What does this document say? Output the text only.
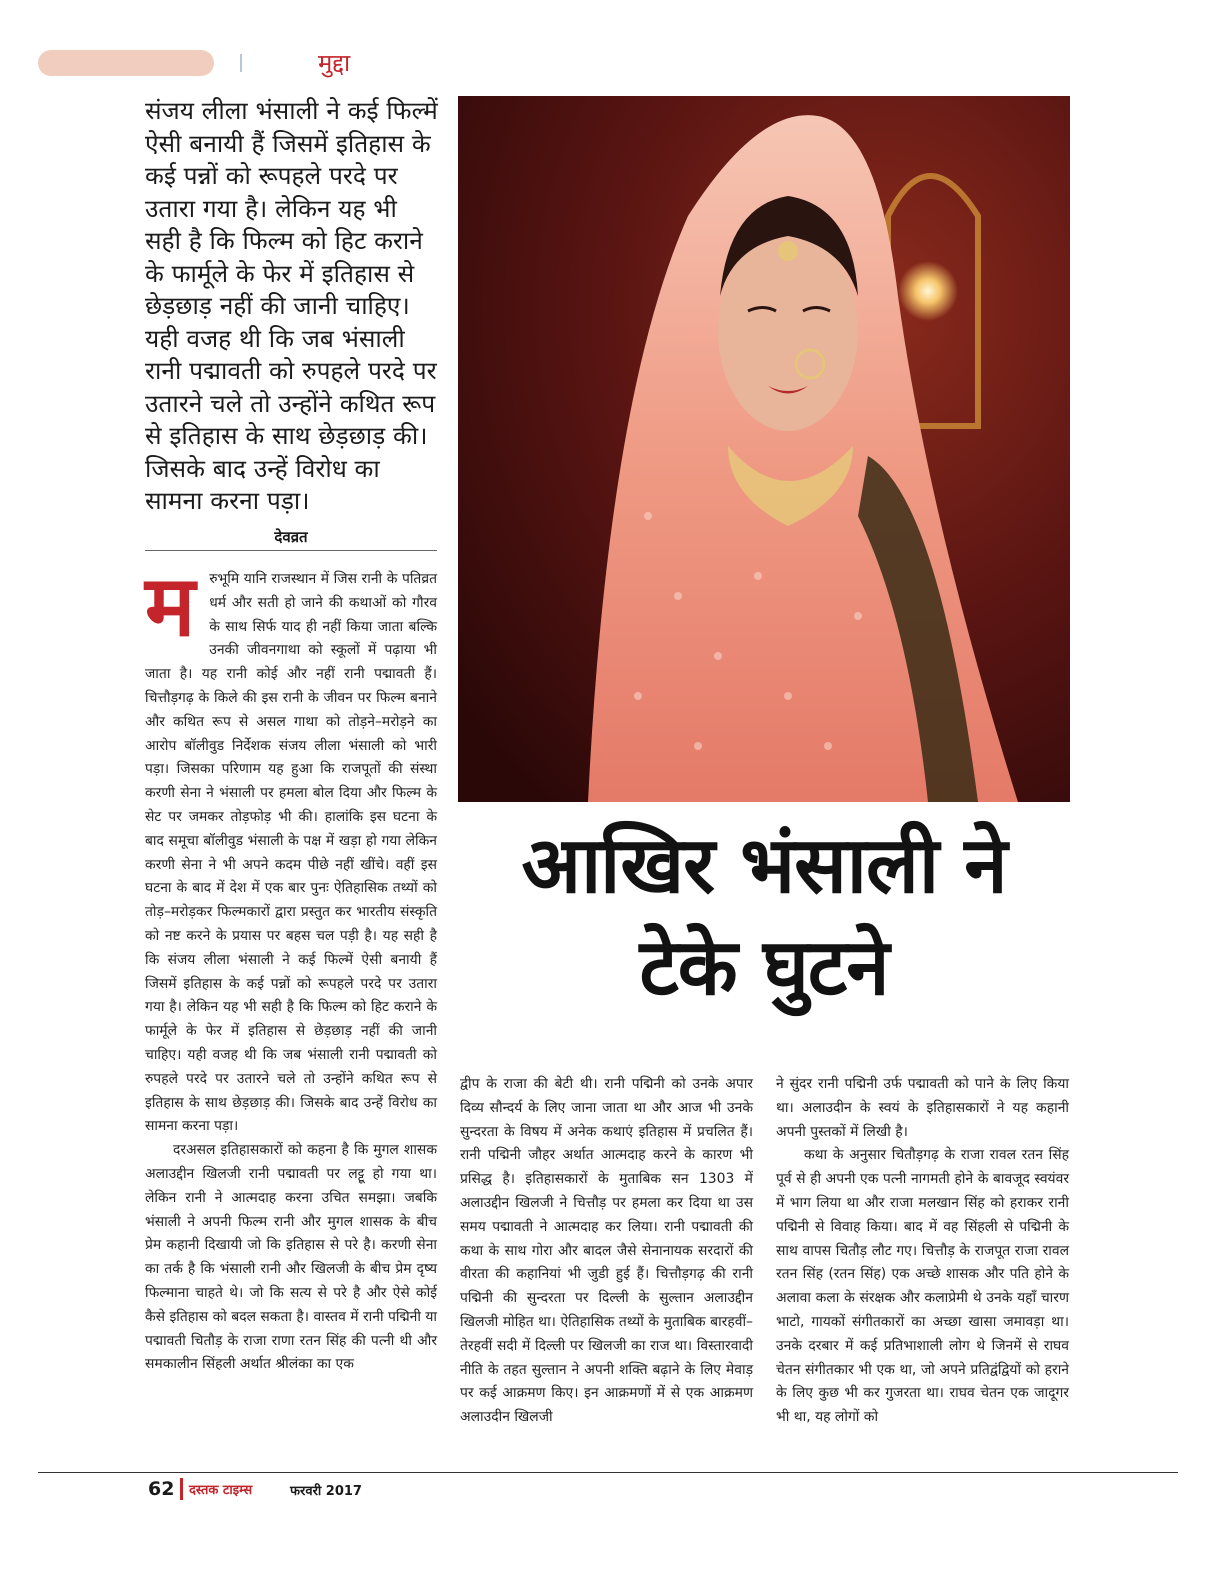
मुद्दा

संजय लीला भंसाली ने कई फिल्में ऐसी बनायी हैं जिसमें इतिहास के कई पन्नों को रूपहले परदे पर उतारा गया है। लेकिन यह भी सही है कि फिल्म को हिट कराने के फार्मूले के फेर में इतिहास से छेड़छाड़ नहीं की जानी चाहिए। यही वजह थी कि जब भंसाली रानी पद्मावती को रुपहले परदे पर उतारने चले तो उन्होंने कथित रूप से इतिहास के साथ छेड़छाड़ की। जिसके बाद उन्हें विरोध का सामना करना पड़ा।

देवव्रत
म	रुभूमि यानि राजस्थान में जिस रानी के पतिव्रत धर्म और सती हो जाने की कथाओं को गौरव के साथ सिर्फ याद ही नहीं किया जाता बल्कि उनकी जीवनगाथा को स्कूलों में पढ़ाया भी जाता है। यह रानी कोई और नहीं रानी पद्मावती हैं। चित्तौड़गढ़ के किले की इस रानी के जीवन पर फिल्म बनाने और कथित रूप से असल गाथा को तोड़ने–मरोड़ने का आरोप बॉलीवुड निर्देशक संजय लीला भंसाली को भारी पड़ा। जिसका परिणाम यह हुआ कि राजपूतों की संस्था करणी सेना ने भंसाली पर हमला बोल दिया और फिल्म के सेट पर जमकर तोड़फोड़ भी की। हालांकि इस घटना के बाद समूचा बॉलीवुड भंसाली के पक्ष में खड़ा हो गया लेकिन करणी सेना ने भी अपने कदम पीछे नहीं खींचे। वहीं इस घटना के बाद में देश में एक बार पुनः ऐतिहासिक तथ्यों को तोड़–मरोड़कर फिल्मकारों द्वारा प्रस्तुत कर भारतीय संस्कृति को नष्ट करने के प्रयास पर बहस चल पड़ी है। यह सही है कि संजय लीला भंसाली ने कई फिल्में ऐसी बनायी हैं जिसमें इतिहास के कई पन्नों को रूपहले परदे पर उतारा गया है। लेकिन यह भी सही है कि फिल्म को हिट कराने के फार्मूले के फेर में इतिहास से छेड़छाड़ नहीं की जानी चाहिए। यही वजह थी कि जब भंसाली रानी पद्मावती को रुपहले परदे पर उतारने चले तो उन्होंने कथित रूप से इतिहास के साथ छेड़छाड़ की। जिसके बाद उन्हें विरोध का सामना करना पड़ा।

दरअसल इतिहासकारों को कहना है कि मुगल शासक अलाउद्दीन खिलजी रानी पद्मावती पर लट्टू हो गया था। लेकिन रानी ने आत्मदाह करना उचित समझा। जबकि भंसाली ने अपनी फिल्म रानी और मुगल शासक के बीच प्रेम कहानी दिखायी जो कि इतिहास से परे है। करणी सेना का तर्क है कि भंसाली रानी और खिलजी के बीच प्रेम दृष्य फिल्माना चाहते थे। जो कि सत्य से परे है और ऐसे कोई कैसे इतिहास को बदल सकता है। वास्तव में रानी पद्मिनी या पद्मावती चितौड़ के राजा राणा रतन सिंह की पत्नी थी और समकालीन सिंहली अर्थात श्रीलंका का एक

आखिर भंसाली ने
टेके घुटने

द्वीप के राजा की बेटी थी। रानी पद्मिनी को उनके अपार दिव्य सौन्दर्य के लिए जाना जाता था और आज भी उनके सुन्दरता के विषय में अनेक कथाएं इतिहास में प्रचलित हैं। रानी पद्मिनी जौहर अर्थात आत्मदाह करने के कारण भी प्रसिद्ध है। इतिहासकारों के मुताबिक सन 1303 में अलाउद्दीन खिलजी ने चित्तौड़ पर हमला कर दिया था उस समय पद्मावती ने आत्मदाह कर लिया। रानी पद्मावती की कथा के साथ गोरा और बादल जैसे सेनानायक सरदारों की वीरता की कहानियां भी जुडी हुई हैं। चित्तौड़गढ़ की रानी पद्मिनी की सुन्दरता पर दिल्ली के सुल्तान अलाउद्दीन खिलजी मोहित था। ऐतिहासिक तथ्यों के मुताबिक बारहवीं–तेरहवीं सदी में दिल्ली पर खिलजी का राज था। विस्तारवादी नीति के तहत सुल्तान ने अपनी शक्ति बढ़ाने के लिए मेवाड़ पर कई आक्रमण किए। इन आक्रमणों में से एक आक्रमण अलाउदीन खिलजी

ने सुंदर रानी पद्मिनी उर्फ पद्मावती को पाने के लिए किया था। अलाउदीन के स्वयं के इतिहासकारों ने यह कहानी अपनी पुस्तकों में लिखी है।

कथा के अनुसार चितौड़गढ़ के राजा रावल रतन सिंह पूर्व से ही अपनी एक पत्नी नागमती होने के बावजूद स्वयंवर में भाग लिया था और राजा मलखान सिंह को हराकर रानी पद्मिनी से विवाह किया। बाद में वह सिंहली से पद्मिनी के साथ वापस चितौड़ लौट गए। चित्तौड़ के राजपूत राजा रावल रतन सिंह (रतन सिंह) एक अच्छे शासक और पति होने के अलावा कला के संरक्षक और कलाप्रेमी थे उनके यहाँ चारण भाटो, गायकों संगीतकारों का अच्छा खासा जमावड़ा था। उनके दरबार में कई प्रतिभाशाली लोग थे जिनमें से राघव चेतन संगीतकार भी एक था, जो अपने प्रतिद्वंद्वियों को हराने के लिए कुछ भी कर गुजरता था। राघव चेतन एक जादूगर भी था, यह लोगों को

62 दस्तक टाइम्स	फरवरी 2017
